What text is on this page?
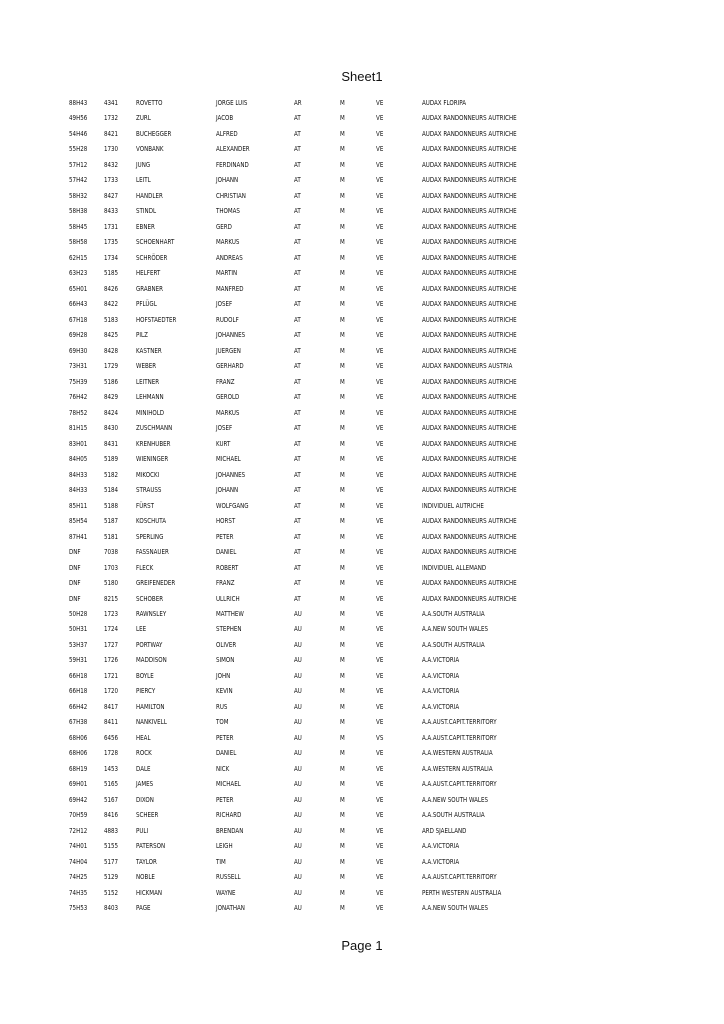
Sheet1
88H43 4341	ROVETTO	JORGE LUIS	AR	M	VE	AUDAX FLORIPA
49H56 1732	ZURL	JACOB	AT	M	VE	AUDAX RANDONNEURS AUTRICHE
54H46 8421	BUCHEGGER	ALFRED	AT	M	VE	AUDAX RANDONNEURS AUTRICHE
55H28 1730	VONBANK	ALEXANDER	AT	M	VE	AUDAX RANDONNEURS AUTRICHE
57H12 8432	JUNG	FERDINAND	AT	M	VE	AUDAX RANDONNEURS AUTRICHE
57H42 1733	LEITL	JOHANN	AT	M	VE	AUDAX RANDONNEURS AUTRICHE
58H32 8427	HANDLER	CHRISTIAN	AT	M	VE	AUDAX RANDONNEURS AUTRICHE
58H38 8433	STINDL	THOMAS	AT	M	VE	AUDAX RANDONNEURS AUTRICHE
58H45 1731	EBNER	GERD	AT	M	VE	AUDAX RANDONNEURS AUTRICHE
58H58 1735	SCHOENHART	MARKUS	AT	M	VE	AUDAX RANDONNEURS AUTRICHE
62H15 1734	SCHRÖDER	ANDREAS	AT	M	VE	AUDAX RANDONNEURS AUTRICHE
63H23 5185	HELFERT	MARTIN	AT	M	VE	AUDAX RANDONNEURS AUTRICHE
65H01 8426	GRABNER	MANFRED	AT	M	VE	AUDAX RANDONNEURS AUTRICHE
66H43 8422	PFLÜGL	JOSEF	AT	M	VE	AUDAX RANDONNEURS AUTRICHE
67H18 5183	HOFSTAEDTER	RUDOLF	AT	M	VE	AUDAX RANDONNEURS AUTRICHE
69H28 8425	PILZ	JOHANNES	AT	M	VE	AUDAX RANDONNEURS AUTRICHE
69H30 8428	KASTNER	JUERGEN	AT	M	VE	AUDAX RANDONNEURS AUTRICHE
73H31 1729	WEBER	GERHARD	AT	M	VE	AUDAX RANDONNEURS AUSTRIA
75H39 5186	LEITNER	FRANZ	AT	M	VE	AUDAX RANDONNEURS AUTRICHE
76H42 8429	LEHMANN	GEROLD	AT	M	VE	AUDAX RANDONNEURS AUTRICHE
78H52 8424	MINIHOLD	MARKUS	AT	M	VE	AUDAX RANDONNEURS AUTRICHE
81H15 8430	ZUSCHMANN	JOSEF	AT	M	VE	AUDAX RANDONNEURS AUTRICHE
83H01 8431	KRENHUBER	KURT	AT	M	VE	AUDAX RANDONNEURS AUTRICHE
84H05 5189	WIENINGER	MICHAEL	AT	M	VE	AUDAX RANDONNEURS AUTRICHE
84H33 5182	MIKOCKI	JOHANNES	AT	M	VE	AUDAX RANDONNEURS AUTRICHE
84H33 5184	STRAUSS	JOHANN	AT	M	VE	AUDAX RANDONNEURS AUTRICHE
85H11 5188	FÜRST	WOLFGANG	AT	M	VE	INDIVIDUEL AUTRICHE
85H54 5187	KOSCHUTA	HORST	AT	M	VE	AUDAX RANDONNEURS AUTRICHE
87H41 5181	SPERLING	PETER	AT	M	VE	AUDAX RANDONNEURS AUTRICHE
DNF	7038	FASSNAUER	DANIEL	AT	M	VE	AUDAX RANDONNEURS AUTRICHE
DNF	1703	FLECK	ROBERT	AT	M	VE	INDIVIDUEL ALLEMAND
DNF	5180	GREIFENEDER	FRANZ	AT	M	VE	AUDAX RANDONNEURS AUTRICHE
DNF	8215	SCHOBER	ULLRICH	AT	M	VE	AUDAX RANDONNEURS AUTRICHE
50H28 1723	RAWNSLEY	MATTHEW	AU	M	VE	A.A.SOUTH AUSTRALIA
50H31 1724	LEE	STEPHEN	AU	M	VE	A.A.NEW SOUTH WALES
53H37 1727	PORTWAY	OLIVER	AU	M	VE	A.A.SOUTH AUSTRALIA
59H31 1726	MADDISON	SIMON	AU	M	VE	A.A.VICTORIA
66H18 1721	BOYLE	JOHN	AU	M	VE	A.A.VICTORIA
66H18 1720	PIERCY	KEVIN	AU	M	VE	A.A.VICTORIA
66H42 8417	HAMILTON	RUS	AU	M	VE	A.A.VICTORIA
67H38 8411	NANKIVELL	TOM	AU	M	VE	A.A.AUST.CAPIT.TERRITORY
68H06 6456	HEAL	PETER	AU	M	VS	A.A.AUST.CAPIT.TERRITORY
68H06 1728	ROCK	DANIEL	AU	M	VE	A.A.WESTERN AUSTRALIA
68H19 1453	DALE	NICK	AU	M	VE	A.A.WESTERN AUSTRALIA
69H01 5165	JAMES	MICHAEL	AU	M	VE	A.A.AUST.CAPIT.TERRITORY
69H42 5167	DIXON	PETER	AU	M	VE	A.A.NEW SOUTH WALES
70H59 8416	SCHEER	RICHARD	AU	M	VE	A.A.SOUTH AUSTRALIA
72H12 4883	PULI	BRENDAN	AU	M	VE	ARD SJAELLAND
74H01 5155	PATERSON	LEIGH	AU	M	VE	A.A.VICTORIA
74H04 5177	TAYLOR	TIM	AU	M	VE	A.A.VICTORIA
74H25 5129	NOBLE	RUSSELL	AU	M	VE	A.A.AUST.CAPIT.TERRITORY
74H35 5152	HICKMAN	WAYNE	AU	M	VE	PERTH WESTERN AUSTRALIA
75H53 8403	PAGE	JONATHAN	AU	M	VE	A.A.NEW SOUTH WALES
Page 1
